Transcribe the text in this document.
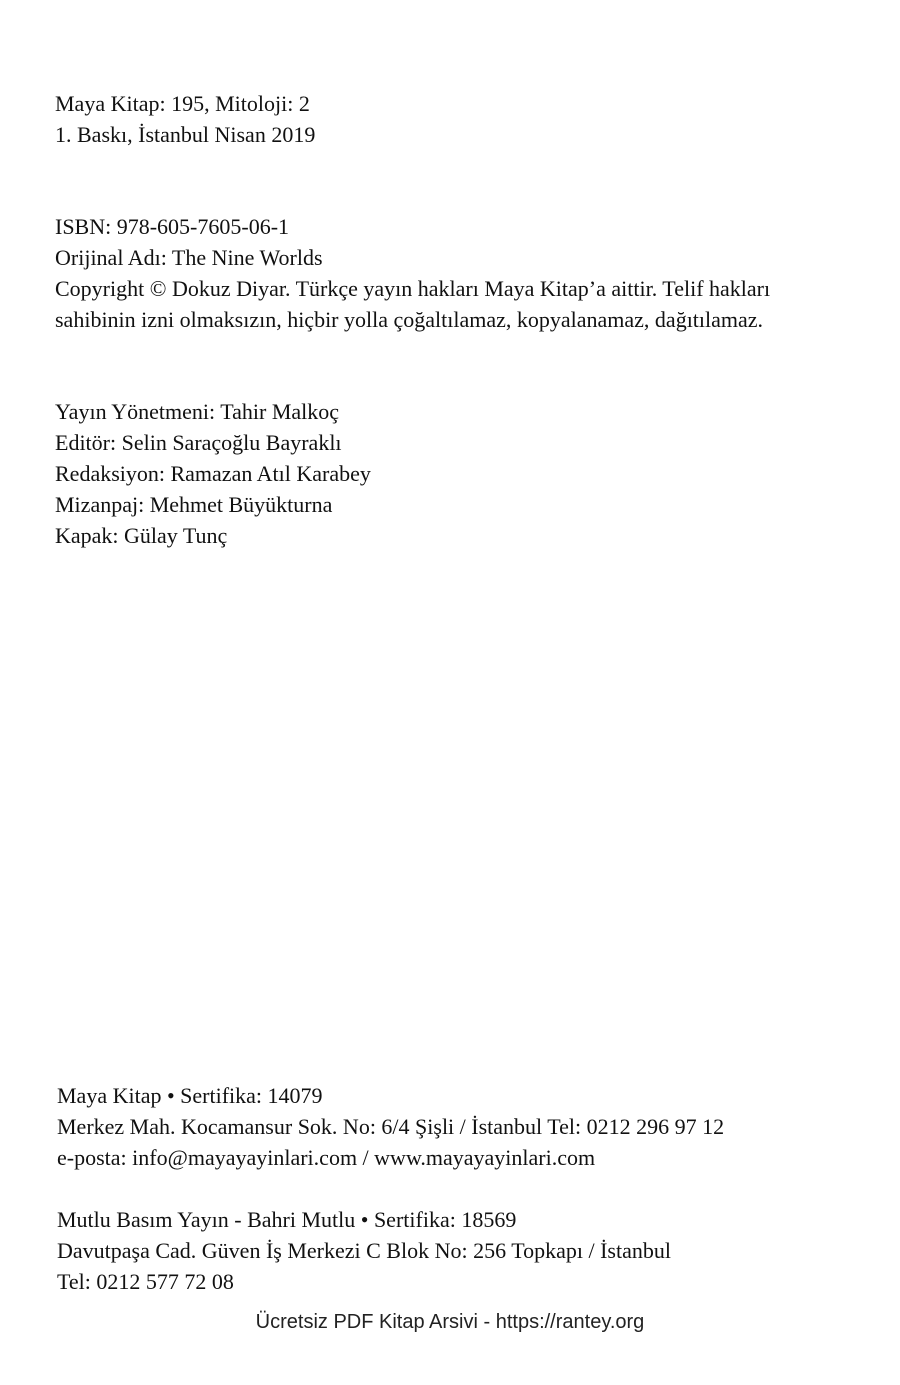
Maya Kitap: 195, Mitoloji: 2
1. Baskı, İstanbul Nisan 2019
ISBN: 978-605-7605-06-1
Orijinal Adı: The Nine Worlds
Copyright © Dokuz Diyar. Türkçe yayın hakları Maya Kitap’a aittir. Telif hakları
sahibinin izni olmaksızın, hiçbir yolla çoğaltılamaz, kopyalanamaz, dağıtılamaz.
Yayın Yönetmeni: Tahir Malkoç
Editör: Selin Saraçoğlu Bayraklı
Redaksiyon: Ramazan Atıl Karabey
Mizanpaj: Mehmet Büyükturna
Kapak: Gülay Tunç
Maya Kitap • Sertifika: 14079
Merkez Mah. Kocamansur Sok. No: 6/4 Şişli / İstanbul Tel: 0212 296 97 12
e-posta: info@mayayayinlari.com / www.mayayayinlari.com
Mutlu Basım Yayın - Bahri Mutlu • Sertifika: 18569
Davutpaşa Cad. Güven İş Merkezi C Blok No: 256 Topkapı / İstanbul
Tel: 0212 577 72 08
Ücretsiz PDF Kitap Arsivi - https://rantey.org
